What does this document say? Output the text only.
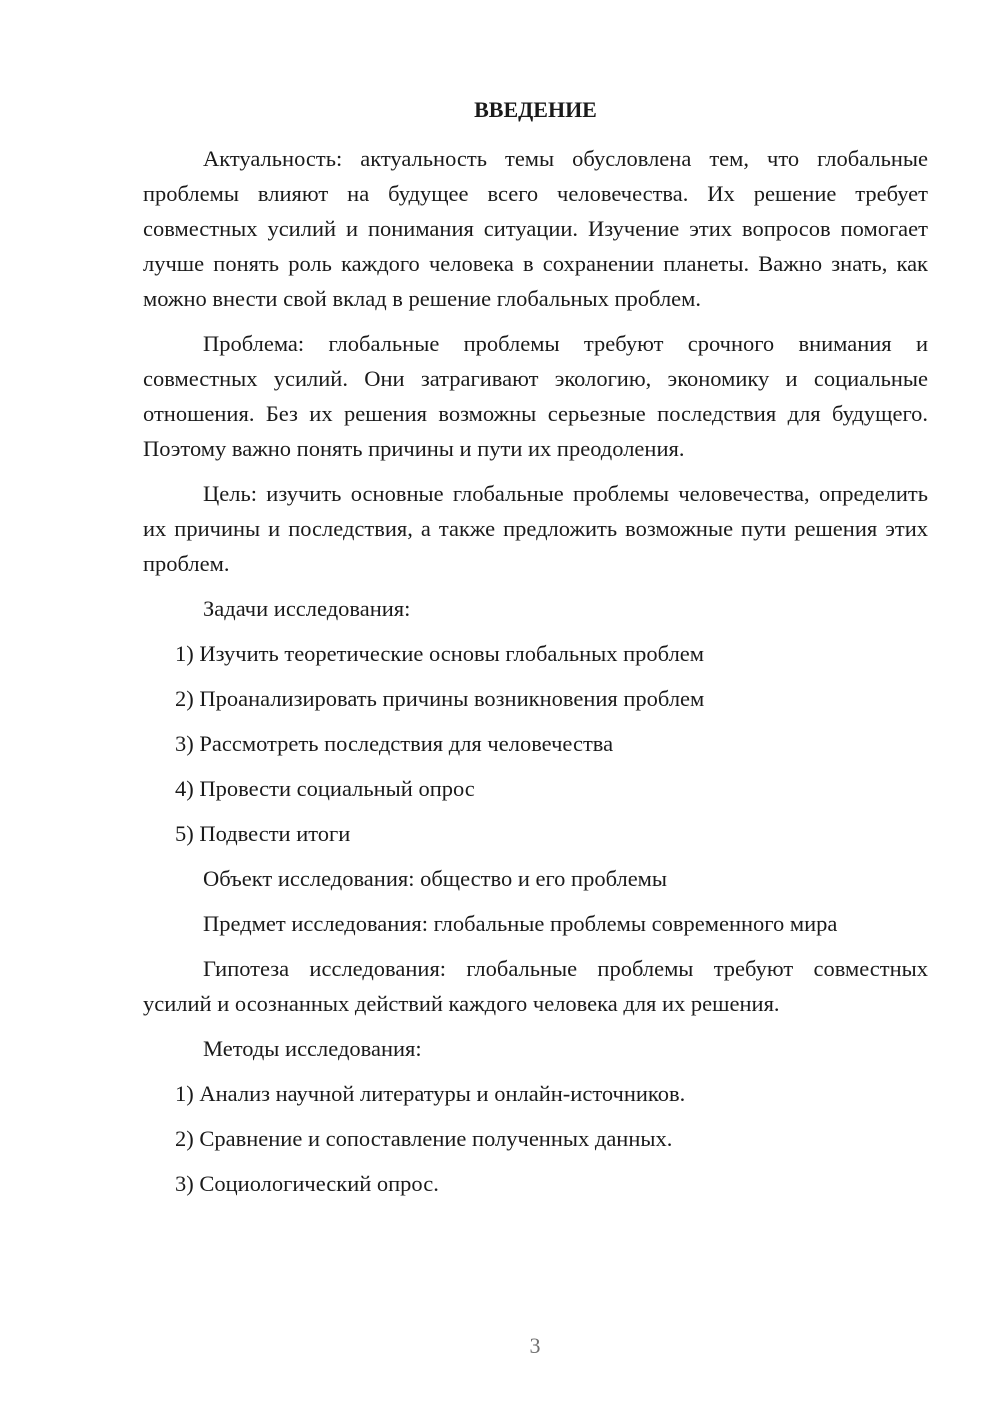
ВВЕДЕНИЕ

Актуальность: актуальность темы обусловлена тем, что глобальные проблемы влияют на будущее всего человечества. Их решение требует совместных усилий и понимания ситуации. Изучение этих вопросов помогает лучше понять роль каждого человека в сохранении планеты. Важно знать, как можно внести свой вклад в решение глобальных проблем.

Проблема: глобальные проблемы требуют срочного внимания и совместных усилий. Они затрагивают экологию, экономику и социальные отношения. Без их решения возможны серьезные последствия для будущего. Поэтому важно понять причины и пути их преодоления.

Цель: изучить основные глобальные проблемы человечества, определить их причины и последствия, а также предложить возможные пути решения этих проблем.

Задачи исследования:

1) Изучить теоретические основы глобальных проблем
2) Проанализировать причины возникновения проблем
3) Рассмотреть последствия для человечества
4) Провести социальный опрос
5) Подвести итоги

Объект исследования: общество и его проблемы

Предмет исследования: глобальные проблемы современного мира

Гипотеза исследования: глобальные проблемы требуют совместных усилий и осознанных действий каждого человека для их решения.

Методы исследования:

1) Анализ научной литературы и онлайн-источников.
2) Сравнение и сопоставление полученных данных.
3) Социологический опрос.
3
